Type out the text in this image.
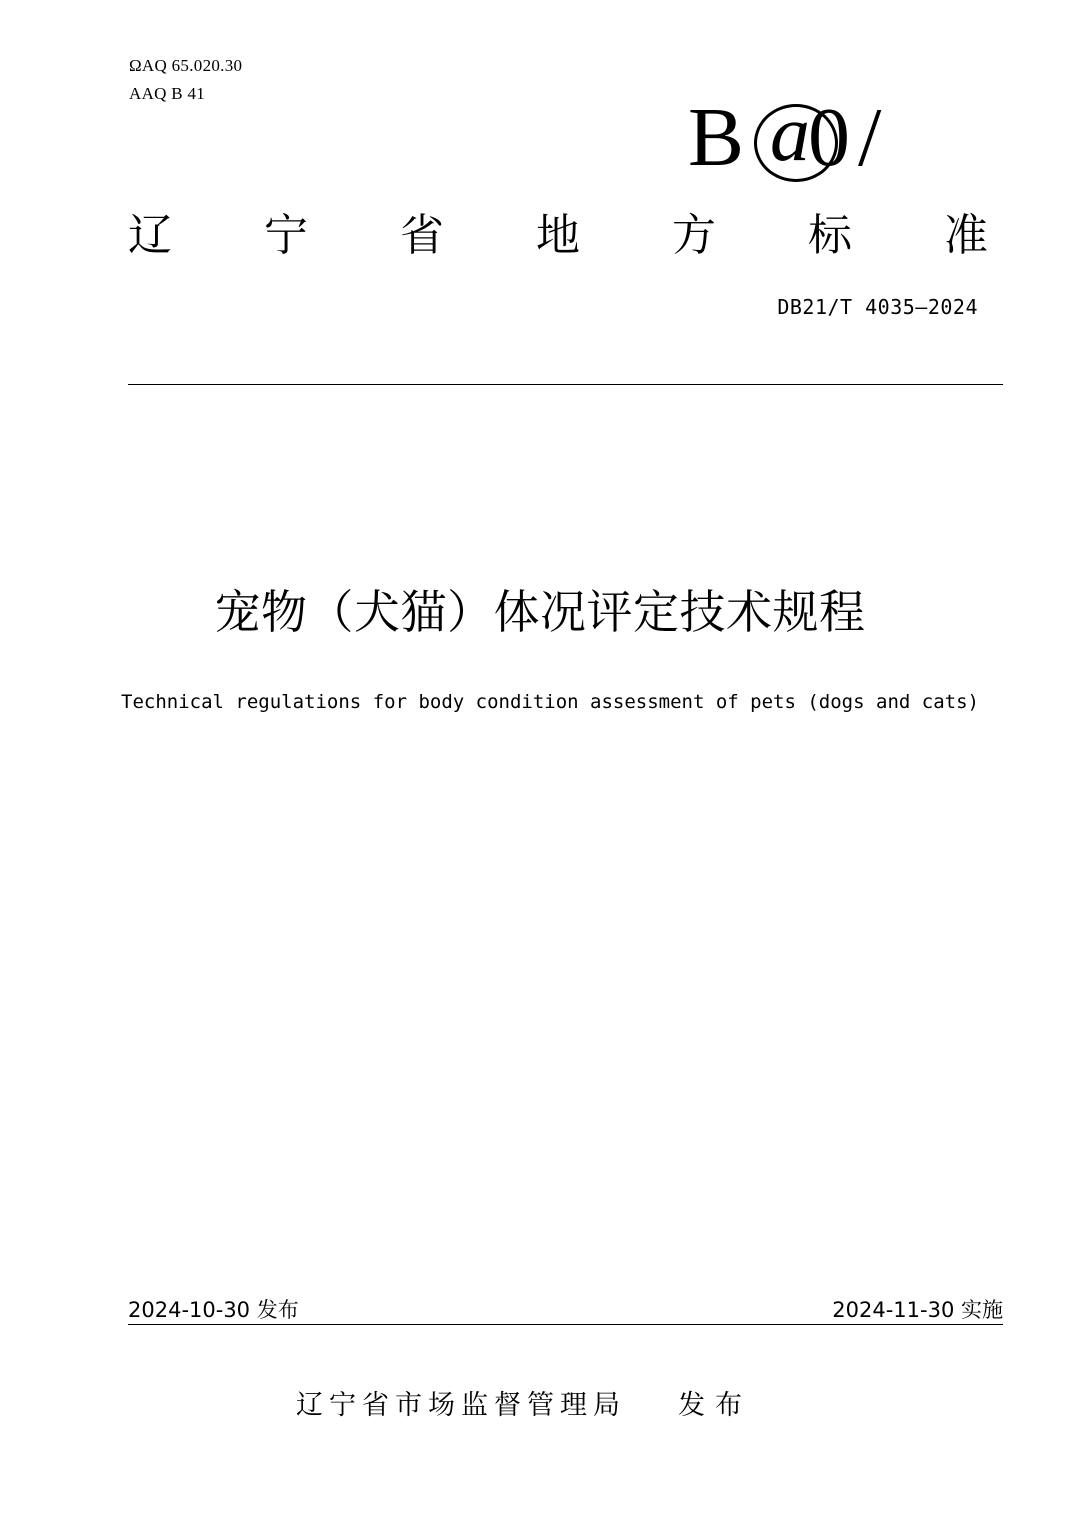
ΩAQ 65.020.30
AAQ B 41	B a
0 /
辽 宁 省 地 方 标 准
DB21/T 4035—2024
宠物（犬猫）体况评定技术规程
Technical regulations for body condition assessment of pets (dogs and cats)
2024-10-30 发布	2024-11-30 实施
辽宁省市场监督管理局 发布
